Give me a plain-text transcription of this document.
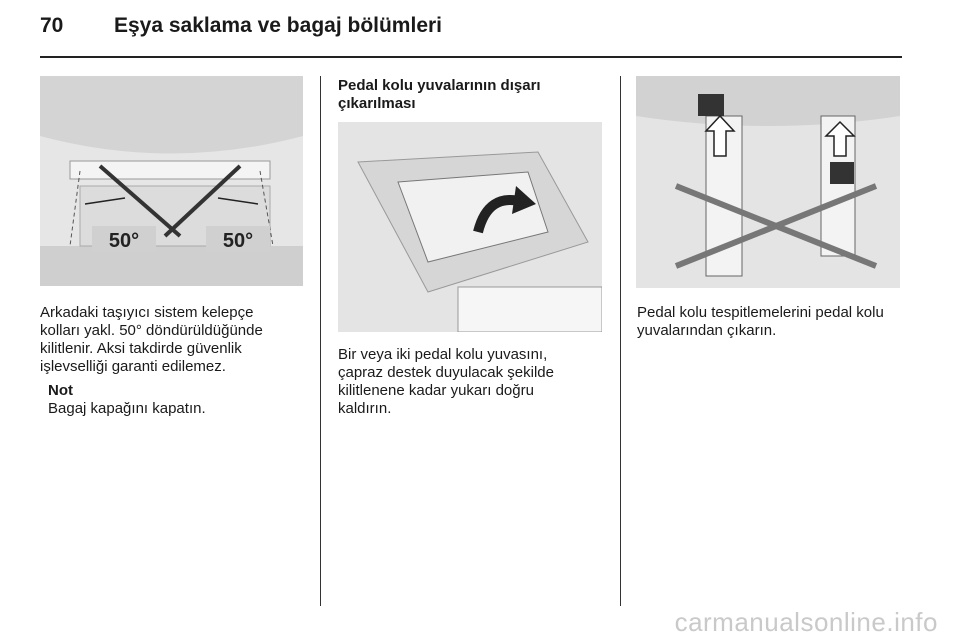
70	Eşya saklama ve bagaj bölümleri
50°	50°

Arkadaki taşıyıcı sistem kelepçe
kolları yakl. 50° döndürüldüğünde
kilitlenir. Aksi takdirde güvenlik
işlevselliği garanti edilemez.

Not
Bagaj kapağını kapatın.

Pedal kolu yuvalarının dışarı
çıkarılması

Bir veya iki pedal kolu yuvasını,
çapraz destek duyulacak şekilde
kilitlenene kadar yukarı doğru
kaldırın.

Pedal kolu tespitlemelerini pedal kolu
yuvalarından çıkarın.

carmanualsonline.info
